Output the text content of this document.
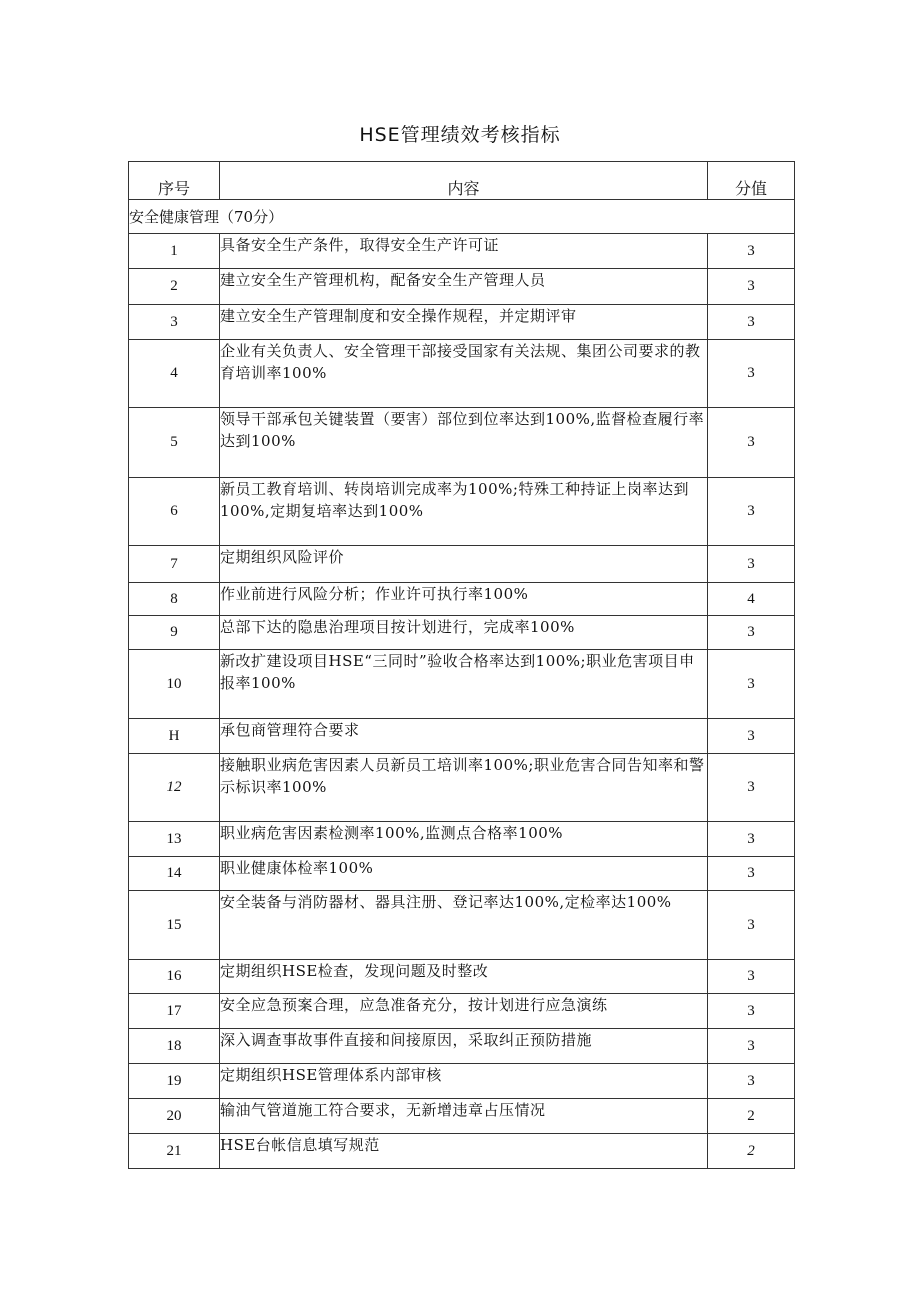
HSE管理绩效考核指标
序号	内容	分值
安全健康管理（70分）		
1	具备安全生产条件，取得安全生产许可证	3
2	建立安全生产管理机构，配备安全生产管理人员	3
3	建立安全生产管理制度和安全操作规程，并定期评审	3
4	企业有关负责人、安全管理干部接受国家有关法规、集团公司要求的教育培训率100%	3
5	领导干部承包关键装置（要害）部位到位率达到100%,监督检查履行率达到100%	3
6	新员工教育培训、转岗培训完成率为100%;特殊工种持证上岗率达到100%,定期复培率达到100%	3
7	定期组织风险评价	3
8	作业前进行风险分析；作业许可执行率100%	4
9	总部下达的隐患治理项目按计划进行，完成率100%	3
10	新改扩建设项目HSE“三同时”验收合格率达到100%;职业危害项目申报率100%	3
H	承包商管理符合要求	3
12	接触职业病危害因素人员新员工培训率100%;职业危害合同告知率和警示标识率100%	3
13	职业病危害因素检测率100%,监测点合格率100%	3
14	职业健康体检率100%	3
15	安全装备与消防器材、器具注册、登记率达100%,定检率达100%	3
16	定期组织HSE检查，发现问题及时整改	3
17	安全应急预案合理，应急准备充分，按计划进行应急演练	3
18	深入调查事故事件直接和间接原因，采取纠正预防措施	3
19	定期组织HSE管理体系内部审核	3
20	输油气管道施工符合要求，无新增违章占压情况	2
21	HSE台帐信息填写规范	2
